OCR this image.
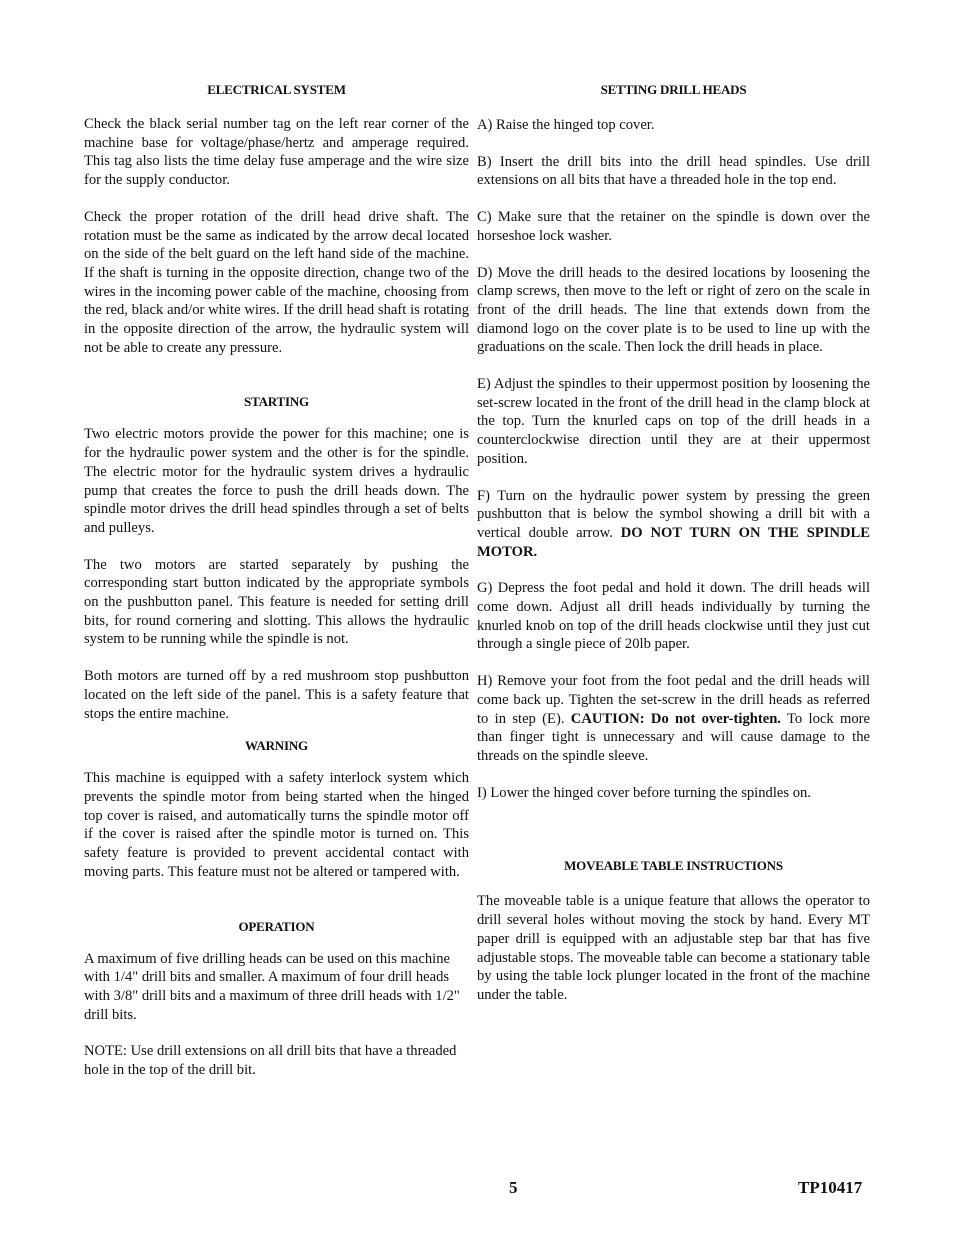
ELECTRICAL SYSTEM

Check the black serial number tag on the left rear corner of the machine base for voltage/phase/hertz and amperage required. This tag also lists the time delay fuse amperage and the wire size for the supply conductor.

Check the proper rotation of the drill head drive shaft. The rotation must be the same as indicated by the arrow decal located on the side of the belt guard on the left hand side of the machine. If the shaft is turning in the opposite direction, change two of the wires in the incoming power cable of the machine, choosing from the red, black and/or white wires. If the drill head shaft is rotating in the opposite direction of the arrow, the hydraulic system will not be able to create any pressure.

STARTING

Two electric motors provide the power for this machine; one is for the hydraulic power system and the other is for the spindle. The electric motor for the hydraulic system drives a hydraulic pump that creates the force to push the drill heads down. The spindle motor drives the drill head spindles through a set of belts and pulleys.

The two motors are started separately by pushing the corresponding start button indicated by the appropriate symbols on the pushbutton panel. This feature is needed for setting drill bits, for round cornering and slotting. This allows the hydraulic system to be running while the spindle is not.

Both motors are turned off by a red mushroom stop pushbutton located on the left side of the panel. This is a safety feature that stops the entire machine.

WARNING

This machine is equipped with a safety interlock system which prevents the spindle motor from being started when the hinged top cover is raised, and automatically turns the spindle motor off if the cover is raised after the spindle motor is turned on. This safety feature is provided to prevent accidental contact with moving parts. This feature must not be altered or tampered with.

OPERATION

A maximum of five drilling heads can be used on this machine with 1/4" drill bits and smaller. A maximum of four drill heads with 3/8" drill bits and a maximum of three drill heads with 1/2" drill bits.

NOTE: Use drill extensions on all drill bits that have a threaded hole in the top of the drill bit.

SETTING DRILL HEADS

A) Raise the hinged top cover.

B) Insert the drill bits into the drill head spindles. Use drill extensions on all bits that have a threaded hole in the top end.

C) Make sure that the retainer on the spindle is down over the horseshoe lock washer.

D) Move the drill heads to the desired locations by loosening the clamp screws, then move to the left or right of zero on the scale in front of the drill heads. The line that extends down from the diamond logo on the cover plate is to be used to line up with the graduations on the scale. Then lock the drill heads in place.

E) Adjust the spindles to their uppermost position by loosening the set-screw located in the front of the drill head in the clamp block at the top. Turn the knurled caps on top of the drill heads in a counterclockwise direction until they are at their uppermost position.

F) Turn on the hydraulic power system by pressing the green pushbutton that is below the symbol showing a drill bit with a vertical double arrow. DO NOT TURN ON THE SPINDLE MOTOR.

G) Depress the foot pedal and hold it down. The drill heads will come down. Adjust all drill heads individually by turning the knurled knob on top of the drill heads clockwise until they just cut through a single piece of 20lb paper.

H) Remove your foot from the foot pedal and the drill heads will come back up. Tighten the set-screw in the drill heads as referred to in step (E). CAUTION: Do not over-tighten. To lock more than finger tight is unnecessary and will cause damage to the threads on the spindle sleeve.

I) Lower the hinged cover before turning the spindles on.

MOVEABLE TABLE INSTRUCTIONS

The moveable table is a unique feature that allows the operator to drill several holes without moving the stock by hand. Every MT paper drill is equipped with an adjustable step bar that has five adjustable stops. The moveable table can become a stationary table by using the table lock plunger located in the front of the machine under the table.

5	TP10417
